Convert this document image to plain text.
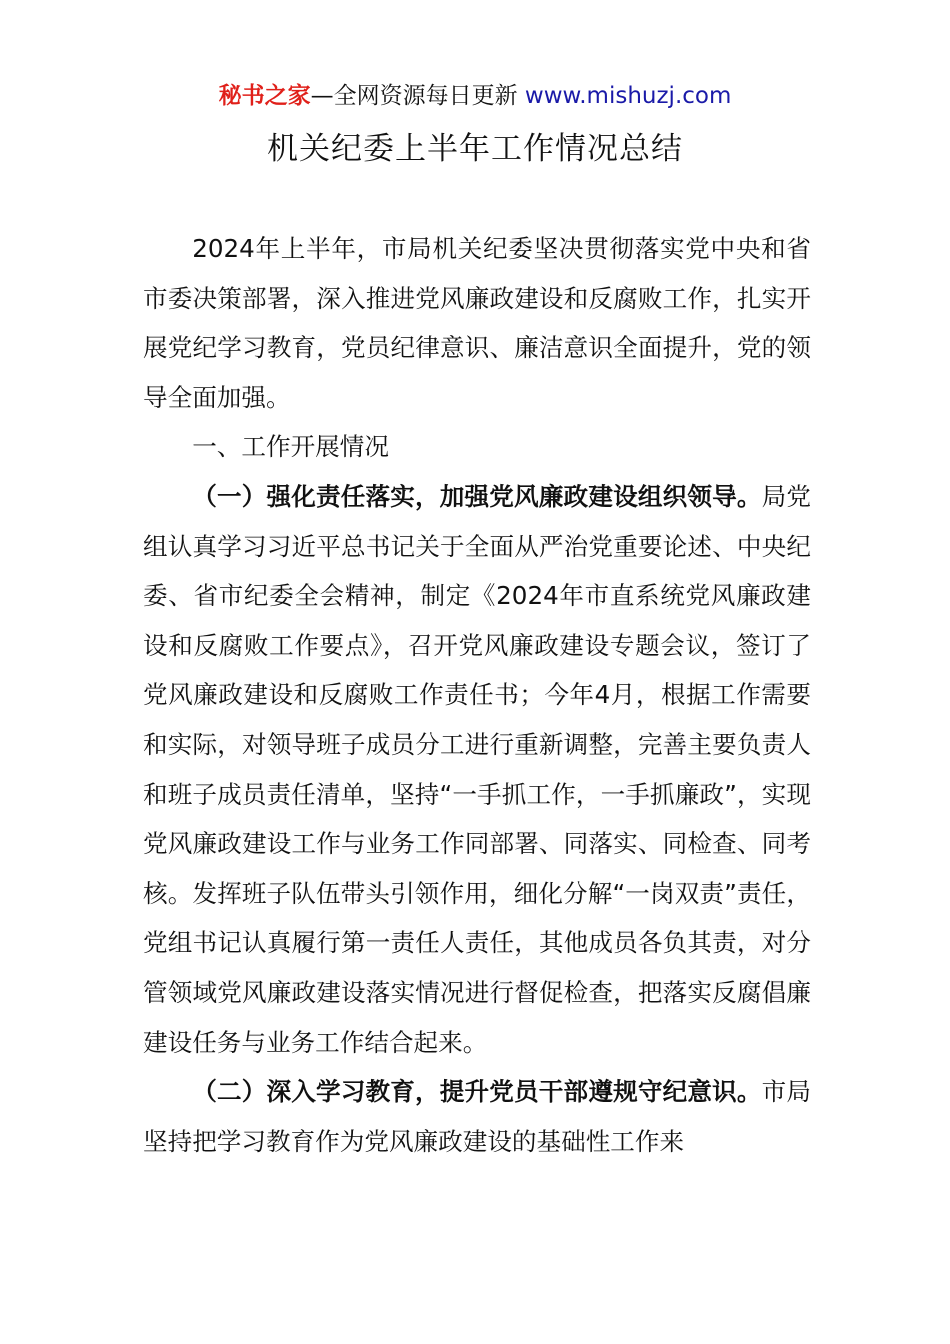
秘书之家—全网资源每日更新 www.mishuzj.com
机关纪委上半年工作情况总结

2024年上半年，市局机关纪委坚决贯彻落实党中央和省市委决策部署，深入推进党风廉政建设和反腐败工作，扎实开展党纪学习教育，党员纪律意识、廉洁意识全面提升，党的领导全面加强。

一、工作开展情况

（一）强化责任落实，加强党风廉政建设组织领导。局党组认真学习习近平总书记关于全面从严治党重要论述、中央纪委、省市纪委全会精神，制定《2024年市直系统党风廉政建设和反腐败工作要点》，召开党风廉政建设专题会议，签订了党风廉政建设和反腐败工作责任书；今年4月，根据工作需要和实际，对领导班子成员分工进行重新调整，完善主要负责人和班子成员责任清单，坚持“一手抓工作，一手抓廉政”，实现党风廉政建设工作与业务工作同部署、同落实、同检查、同考核。发挥班子队伍带头引领作用，细化分解“一岗双责”责任，党组书记认真履行第一责任人责任，其他成员各负其责，对分管领域党风廉政建设落实情况进行督促检查，把落实反腐倡廉建设任务与业务工作结合起来。

（二）深入学习教育，提升党员干部遵规守纪意识。市局坚持把学习教育作为党风廉政建设的基础性工作来
